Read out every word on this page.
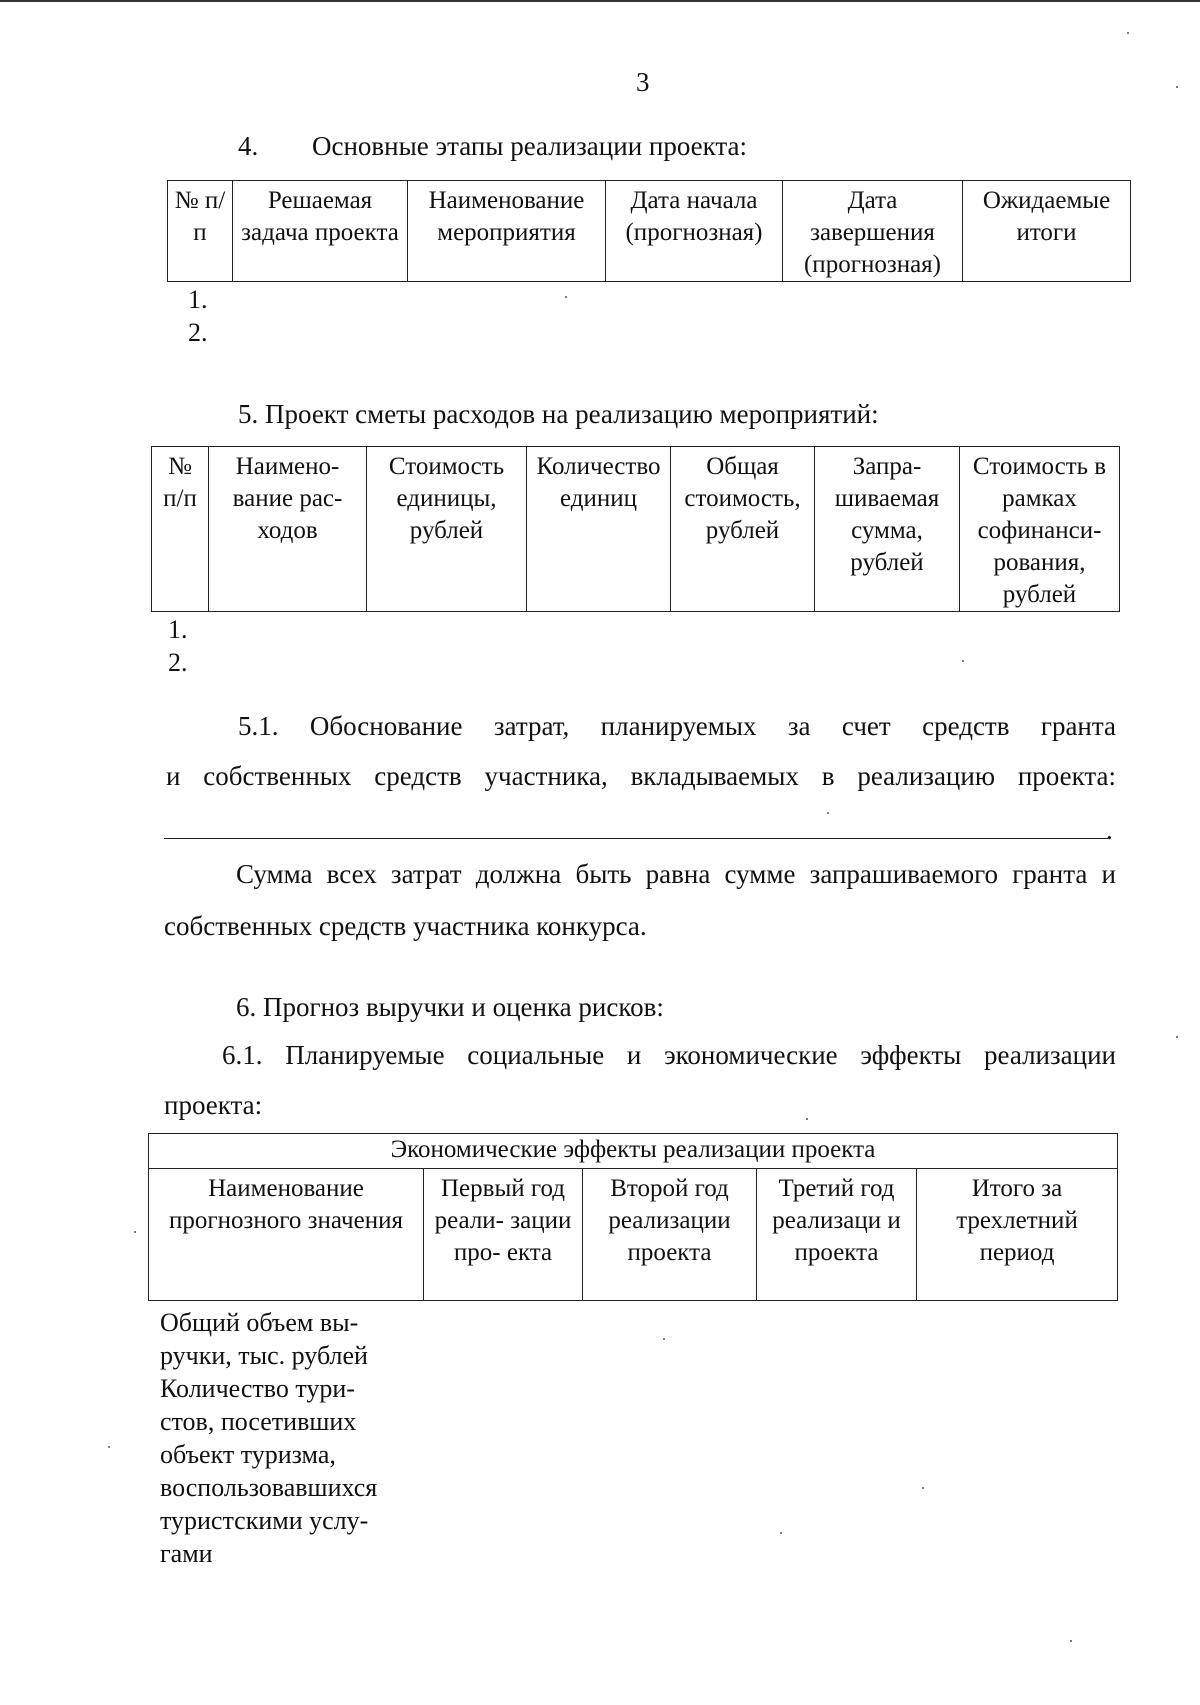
3
4. Основные этапы реализации проекта:
№ п/п	Решаемая задача проекта	Наименование мероприятия	Дата начала (прогнозная)	Дата завершения (прогнозная)	Ожидаемые итоги
1.
2.
5. Проект сметы расходов на реализацию мероприятий:
№ п/п	Наимено- вание рас- ходов	Стоимость единицы, рублей	Количество единиц	Общая стоимость, рублей	Запра- шиваемая сумма, рублей	Стоимость в рамках софинанси- рования, рублей
1.
2.
5.1. Обоснование затрат, планируемых за счет средств гранта
и собственных средств участника, вкладываемых в реализацию проекта:
.
Сумма всех затрат должна быть равна сумме запрашиваемого гранта и
собственных средств участника конкурса.
6. Прогноз выручки и оценка рисков:
6.1. Планируемые социальные и экономические эффекты реализации
проекта:
Экономические эффекты реализации проекта
Наименование прогнозного значения	Первый год реали- зации про- екта	Второй год реализации проекта	Третий год реализаци и проекта	Итого за трехлетний период
Общий объем вы- ручки, тыс. рублей
Количество тури- стов, посетивших объект туризма, воспользовавшихся туристскими услу- гами
